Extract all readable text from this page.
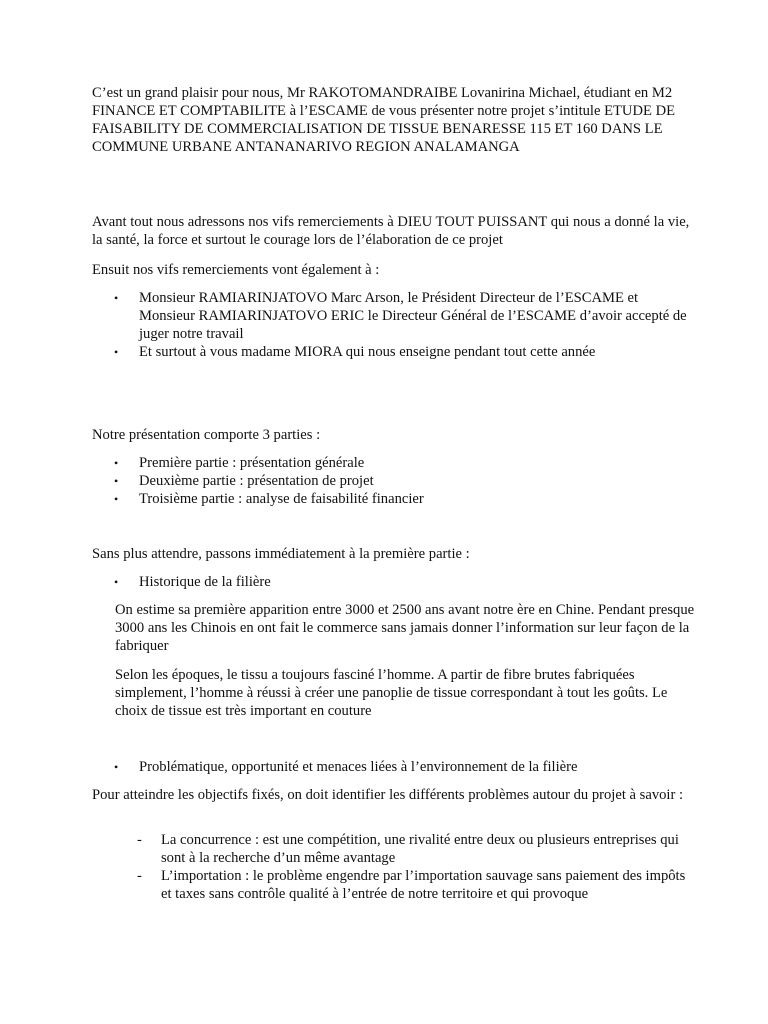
C’est un grand plaisir pour nous, Mr RAKOTOMANDRAIBE Lovanirina Michael, étudiant en M2 FINANCE ET COMPTABILITE à l’ESCAME de vous présenter notre projet s’intitule ETUDE DE FAISABILITY DE COMMERCIALISATION DE TISSUE BENARESSE 115 ET 160 DANS LE COMMUNE URBANE ANTANANARIVO REGION ANALAMANGA

Avant tout nous adressons nos vifs remerciements à DIEU TOUT PUISSANT qui nous a donné la vie, la santé, la force et surtout le courage lors de l’élaboration de ce projet

Ensuit nos vifs remerciements vont également à :

• Monsieur RAMIARINJATOVO Marc Arson, le Président Directeur de l’ESCAME et Monsieur RAMIARINJATOVO ERIC le Directeur Général de l’ESCAME d’avoir accepté de juger notre travail
• Et surtout à vous madame MIORA qui nous enseigne pendant tout cette année

Notre présentation comporte 3 parties :

• Première partie : présentation générale
• Deuxième partie : présentation de projet
• Troisième partie : analyse de faisabilité financier

Sans plus attendre, passons immédiatement à la première partie :

• Historique de la filière

On estime sa première apparition entre 3000 et 2500 ans avant notre ère en Chine. Pendant presque 3000 ans les Chinois en ont fait le commerce sans jamais donner l’information sur leur façon de la fabriquer

Selon les époques, le tissu a toujours fasciné l’homme. A partir de fibre brutes fabriquées simplement, l’homme à réussi à créer une panoplie de tissue correspondant à tout les goûts. Le choix de tissue est très important en couture

• Problématique, opportunité et menaces liées à l’environnement de la filière

Pour atteindre les objectifs fixés, on doit identifier les différents problèmes autour du projet à savoir :

- La concurrence : est une compétition, une rivalité entre deux ou plusieurs entreprises qui sont à la recherche d’un même avantage
- L’importation : le problème engendre par l’importation sauvage sans paiement des impôts et taxes sans contrôle qualité à l’entrée de notre territoire et qui provoque
